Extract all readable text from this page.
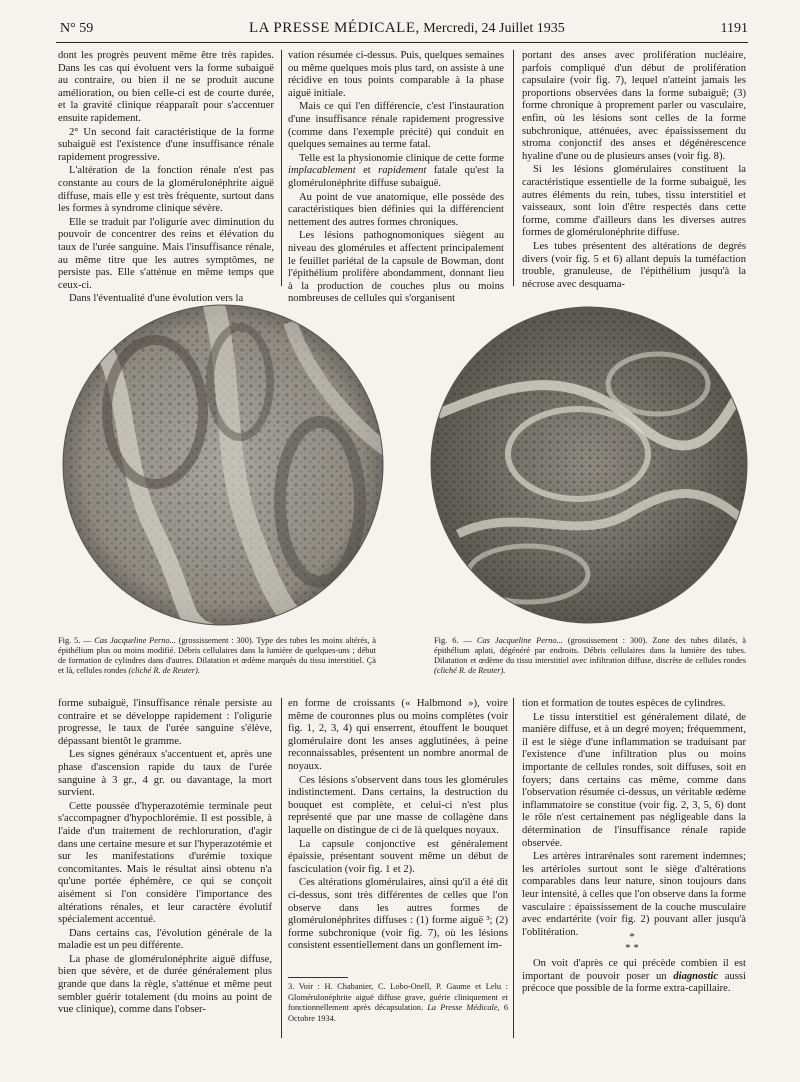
N° 59	LA PRESSE MÉDICALE, Mercredi, 24 Juillet 1935	1191

dont les progrès peuvent même être très rapides. Dans les cas qui évoluent vers la forme subaiguë au contraire, ou bien il ne se produit aucune amélioration, ou bien celle-ci est de courte durée, et la gravité clinique réapparaît pour s'accentuer ensuite rapidement.

2° Un second fait caractéristique de la forme subaiguë est l'existence d'une insuffisance rénale rapidement progressive.

L'altération de la fonction rénale n'est pas constante au cours de la glomérulonéphrite aiguë diffuse, mais elle y est très fréquente, surtout dans les formes à syndrome clinique sévère.

Elle se traduit par l'oligurie avec diminution du pouvoir de concentrer des reins et élévation du taux de l'urée sanguine. Mais l'insuffisance rénale, au même titre que les autres symptômes, ne persiste pas. Elle s'atténue en même temps que ceux-ci.

Dans l'éventualité d'une évolution vers la

vation résumée ci-dessus. Puis, quelques semaines ou même quelques mois plus tard, on assiste à une récidive en tous points comparable à la phase aiguë initiale.

Mais ce qui l'en différencie, c'est l'instauration d'une insuffisance rénale rapidement progressive (comme dans l'exemple précité) qui conduit en quelques semaines au terme fatal.

Telle est la physionomie clinique de cette forme implacablement et rapidement fatale qu'est la glomérulonéphrite diffuse subaiguë.

Au point de vue anatomique, elle possède des caractéristiques bien définies qui la différencient nettement des autres formes chroniques.

Les lésions pathognomoniques siègent au niveau des glomérules et affectent principalement le feuillet pariétal de la capsule de Bowman, dont l'épithélium prolifère abondamment, donnant lieu à la production de couches plus ou moins nombreuses de cellules qui s'organisent

portant des anses avec prolifération nucléaire, parfois compliqué d'un début de prolifération capsulaire (voir fig. 7), lequel n'atteint jamais les proportions observées dans la forme subaiguë; (3) forme chronique à proprement parler ou vasculaire, enfin, où les lésions sont celles de la forme subchronique, atténuées, avec épaississement du stroma conjonctif des anses et dégénérescence hyaline d'une ou de plusieurs anses (voir fig. 8).

Si les lésions glomérulaires constituent la caractéristique essentielle de la forme subaiguë, les autres éléments du rein, tubes, tissu interstitiel et vaisseaux, sont loin d'être respectés dans cette forme, comme d'ailleurs dans les diverses autres formes de glomérulonéphrite diffuse.

Les tubes présentent des altérations de degrés divers (voir fig. 5 et 6) allant depuis la tuméfaction trouble, granuleuse, de l'épithélium jusqu'à la nécrose avec desquama-

Fig. 5. — Cas Jacqueline Perno... (grossissement : 300). Type des tubes les moins altérés, à épithélium plus ou moins modifié. Débris cellulaires dans la lumière de quelques-uns ; début de formation de cylindres dans d'autres. Dilatation et œdème marqués du tissu interstitiel. Çà et là, cellules rondes (cliché R. de Reuter).
Fig. 6. — Cas Jacqueline Perno... (grossissement : 300). Zone des tubes dilatés, à épithélium aplati, dégénéré par endroits. Débris cellulaires dans la lumière des tubes. Dilatation et œdème du tissu interstitiel avec infiltration diffuse, discrète de cellules rondes (cliché R. de Reuter).

forme subaiguë, l'insuffisance rénale persiste au contraire et se développe rapidement : l'oligurie progresse, le taux de l'urée sanguine s'élève, dépassant bientôt le gramme.

Les signes généraux s'accentuent et, après une phase d'ascension rapide du taux de l'urée sanguine à 3 gr., 4 gr. ou davantage, la mort survient.

Cette poussée d'hyperazotémie terminale peut s'accompagner d'hypochlorémie. Il est possible, à l'aide d'un traitement de rechloruration, d'agir dans une certaine mesure et sur l'hyperazotémie et sur les manifestations d'urémie toxique concomitantes. Mais le résultat ainsi obtenu n'a qu'une portée éphémère, ce qui se conçoit aisément si l'on considère l'importance des altérations rénales, et leur caractère évolutif spécialement accentué.

Dans certains cas, l'évolution générale de la maladie est un peu différente.

La phase de glomérulonéphrite aiguë diffuse, bien que sévère, et de durée généralement plus grande que dans la règle, s'atténue et même peut sembler guérir totalement (du moins au point de vue clinique), comme dans l'obser-

en forme de croissants (« Halbmond »), voire même de couronnes plus ou moins complètes (voir fig. 1, 2, 3, 4) qui enserrent, étouffent le bouquet glomérulaire dont les anses agglutinées, à peine reconnaissables, présentent un nombre anormal de noyaux.

Ces lésions s'observent dans tous les glomérules indistinctement. Dans certains, la destruction du bouquet est complète, et celui-ci n'est plus représenté que par une masse de collagène dans laquelle on distingue de ci de là quelques noyaux.

La capsule conjonctive est généralement épaissie, présentant souvent même un début de fasciculation (voir fig. 1 et 2).

Ces altérations glomérulaires, ainsi qu'il a été dit ci-dessus, sont très différentes de celles que l'on observe dans les autres formes de glomérulonéphrites diffuses : (1) forme aiguë ³; (2) forme subchronique (voir fig. 7), où les lésions consistent essentiellement dans un gonflement im-

3. Voir : H. Chabanier, C. Lobo-Onell, P. Gaume et Lelu : Glomérulonéphrite aiguë diffuse grave, guérie cliniquement et fonctionnellement après décapsulation. La Presse Médicale, 6 Octobre 1934.

tion et formation de toutes espèces de cylindres.

Le tissu interstitiel est généralement dilaté, de manière diffuse, et à un degré moyen; fréquemment, il est le siège d'une inflammation se traduisant par l'existence d'une infiltration plus ou moins importante de cellules rondes, soit diffuses, soit en foyers; dans certains cas même, comme dans l'observation résumée ci-dessus, un véritable œdème inflammatoire se constitue (voir fig. 2, 3, 5, 6) dont le rôle n'est certainement pas négligeable dans la détermination de l'insuffisance rénale rapide observée.

Les artères intrarénales sont rarement indemnes; les artérioles surtout sont le siège d'altérations comparables dans leur nature, sinon toujours dans leur intensité, à celles que l'on observe dans la forme vasculaire : épaississement de la couche musculaire avec endartérite (voir fig. 2) pouvant aller jusqu'à l'oblitération.	*
* *

On voit d'après ce qui précède combien il est important de pouvoir poser un diagnostic aussi précoce que possible de la forme extra-capillaire.
